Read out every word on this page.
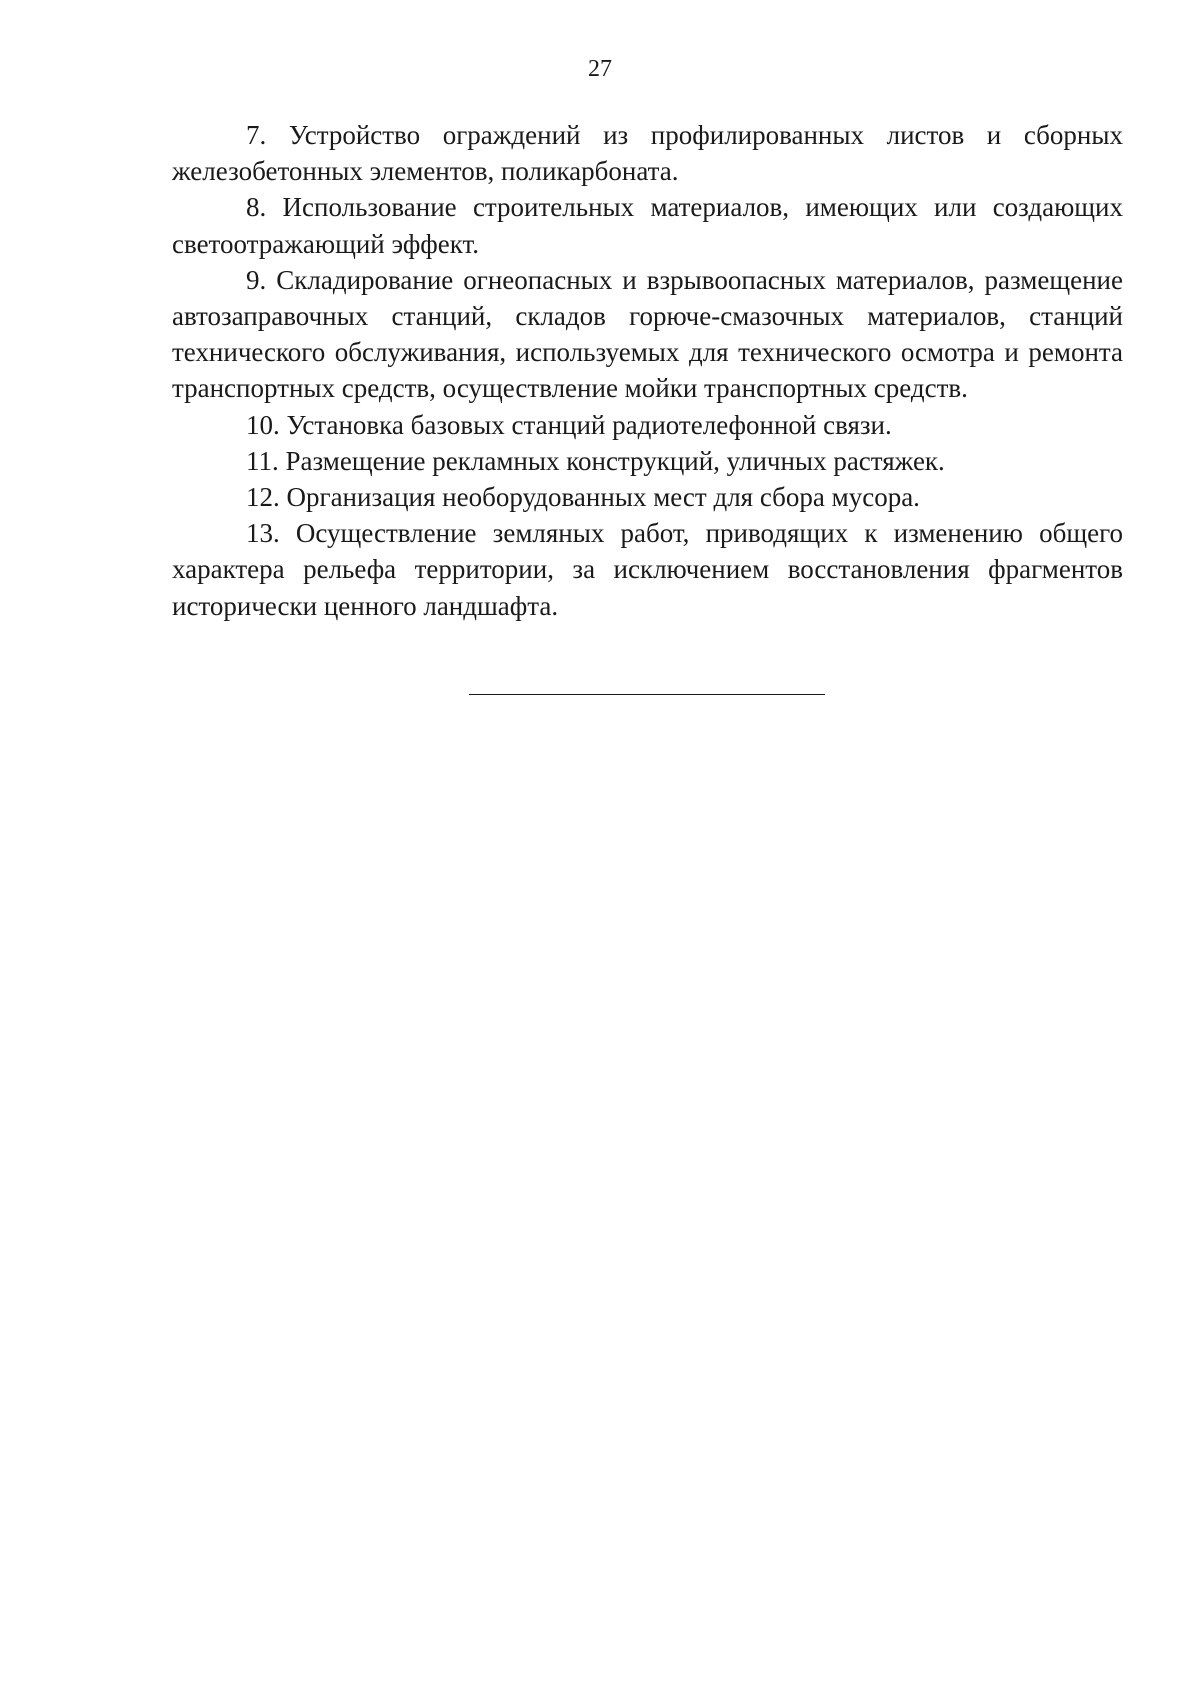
27

7. Устройство ограждений из профилированных листов и сборных железобетонных элементов, поликарбоната.

8. Использование строительных материалов, имеющих или создающих светоотражающий эффект.

9. Складирование огнеопасных и взрывоопасных материалов, размещение автозаправочных станций, складов горюче-смазочных материалов, станций технического обслуживания, используемых для технического осмотра и ремонта транспортных средств, осуществление мойки транспортных средств.

10. Установка базовых станций радиотелефонной связи.

11. Размещение рекламных конструкций, уличных растяжек.

12. Организация необорудованных мест для сбора мусора.

13. Осуществление земляных работ, приводящих к изменению общего характера рельефа территории, за исключением восстановления фрагментов исторически ценного ландшафта.
